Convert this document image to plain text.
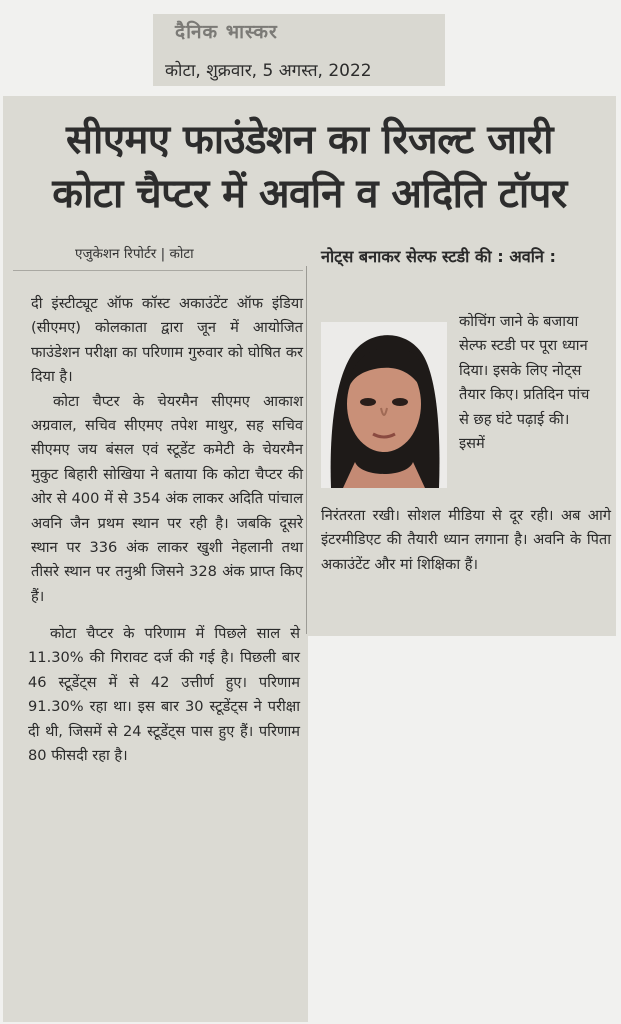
दैनिक भास्कर
कोटा, शुक्रवार, 5 अगस्त, 2022
सीएमए फाउंडेशन का रिजल्ट जारी
कोटा चैप्टर में अवनि व अदिति टॉपर
एजुकेशन रिपोर्टर | कोटा

दी इंस्टीट्यूट ऑफ कॉस्ट अकाउंटेंट ऑफ इंडिया (सीएमए) कोलकाता द्वारा जून में आयोजित फाउंडेशन परीक्षा का परिणाम गुरुवार को घोषित कर दिया है।

कोटा चैप्टर के चेयरमैन सीएमए आकाश अग्रवाल, सचिव सीएमए तपेश माथुर, सह सचिव सीएमए जय बंसल एवं स्टूडेंट कमेटी के चेयरमैन मुकुट बिहारी सोखिया ने बताया कि कोटा चैप्टर की ओर से 400 में से 354 अंक लाकर अदिति पांचाल अवनि जैन प्रथम स्थान पर रही है। जबकि दूसरे स्थान पर 336 अंक लाकर खुशी नेहलानी तथा तीसरे स्थान पर तनुश्री जिसने 328 अंक प्राप्त किए हैं।

नोट्स बनाकर सेल्फ स्टडी की : अवनि :
कोचिंग जाने के बजाया सेल्फ स्टडी पर पूरा ध्यान दिया। इसके लिए नोट्स तैयार किए। प्रतिदिन पांच से छह घंटे पढ़ाई की। इसमें
निरंतरता रखी। सोशल मीडिया से दूर रही। अब आगे इंटरमीडिएट की तैयारी ध्यान लगाना है। अवनि के पिता अकाउंटेंट और मां शिक्षिका हैं।

कोटा चैप्टर के परिणाम में पिछले साल से 11.30% की गिरावट दर्ज की गई है। पिछली बार 46 स्टूडेंट्स में से 42 उत्तीर्ण हुए। परिणाम 91.30% रहा था। इस बार 30 स्टूडेंट्स ने परीक्षा दी थी, जिसमें से 24 स्टूडेंट्स पास हुए हैं। परिणाम 80 फीसदी रहा है।
